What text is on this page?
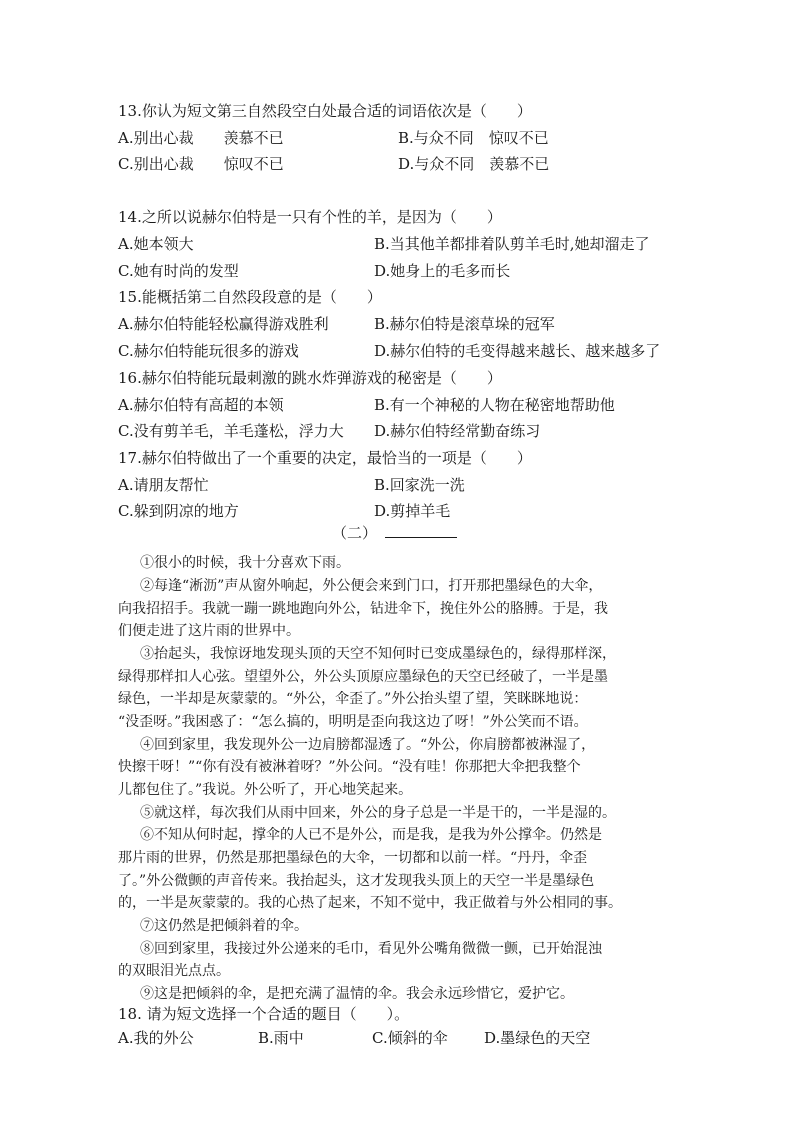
13.你认为短文第三自然段空白处最合适的词语依次是（　　）
A.别出心裁　　羡慕不已	B.与众不同　惊叹不已
C.别出心裁　　惊叹不已	D.与众不同　羡慕不已
14.之所以说赫尔伯特是一只有个性的羊，是因为（　　）
A.她本领大	B.当其他羊都排着队剪羊毛时,她却溜走了
C.她有时尚的发型	D.她身上的毛多而长
15.能概括第二自然段段意的是（　　）
A.赫尔伯特能轻松赢得游戏胜利	B.赫尔伯特是滚草垛的冠军
C.赫尔伯特能玩很多的游戏	D.赫尔伯特的毛变得越来越长、越来越多了
16.赫尔伯特能玩最刺激的跳水炸弹游戏的秘密是（　　）
A.赫尔伯特有高超的本领	B.有一个神秘的人物在秘密地帮助他
C.没有剪羊毛，羊毛蓬松，浮力大 D.赫尔伯特经常勤奋练习
17.赫尔伯特做出了一个重要的决定，最恰当的一项是（　　）
A.请朋友帮忙	B.回家洗一洗
C.躲到阴凉的地方	D.剪掉羊毛
（二）
①很小的时候，我十分喜欢下雨。
②每逢“淅沥”声从窗外响起，外公便会来到门口，打开那把墨绿色的大伞，
向我招招手。我就一蹦一跳地跑向外公，钻进伞下，挽住外公的胳膊。于是，我
们便走进了这片雨的世界中。
③抬起头，我惊讶地发现头顶的天空不知何时已变成墨绿色的，绿得那样深，
绿得那样扣人心弦。望望外公，外公头顶原应墨绿色的天空已经破了，一半是墨
绿色，一半却是灰蒙蒙的。“外公，伞歪了。”外公抬头望了望，笑眯眯地说：
“没歪呀。”我困惑了：“怎么搞的，明明是歪向我这边了呀！”外公笑而不语。
④回到家里，我发现外公一边肩膀都湿透了。“外公，你肩膀都被淋湿了，
快擦干呀！”“你有没有被淋着呀？”外公问。“没有哇！你那把大伞把我整个
儿都包住了。”我说。外公听了，开心地笑起来。
⑤就这样，每次我们从雨中回来，外公的身子总是一半是干的，一半是湿的。
⑥不知从何时起，撑伞的人已不是外公，而是我，是我为外公撑伞。仍然是
那片雨的世界，仍然是那把墨绿色的大伞，一切都和以前一样。“丹丹，伞歪
了。”外公微颤的声音传来。我抬起头，这才发现我头顶上的天空一半是墨绿色
的，一半是灰蒙蒙的。我的心热了起来，不知不觉中，我正做着与外公相同的事。
⑦这仍然是把倾斜着的伞。
⑧回到家里，我接过外公递来的毛巾，看见外公嘴角微微一颤，已开始混浊
的双眼泪光点点。
⑨这是把倾斜的伞，是把充满了温情的伞。我会永远珍惜它，爱护它。
18. 请为短文选择一个合适的题目（　　）。
A.我的外公	B.雨中	C.倾斜的伞 D.墨绿色的天空
